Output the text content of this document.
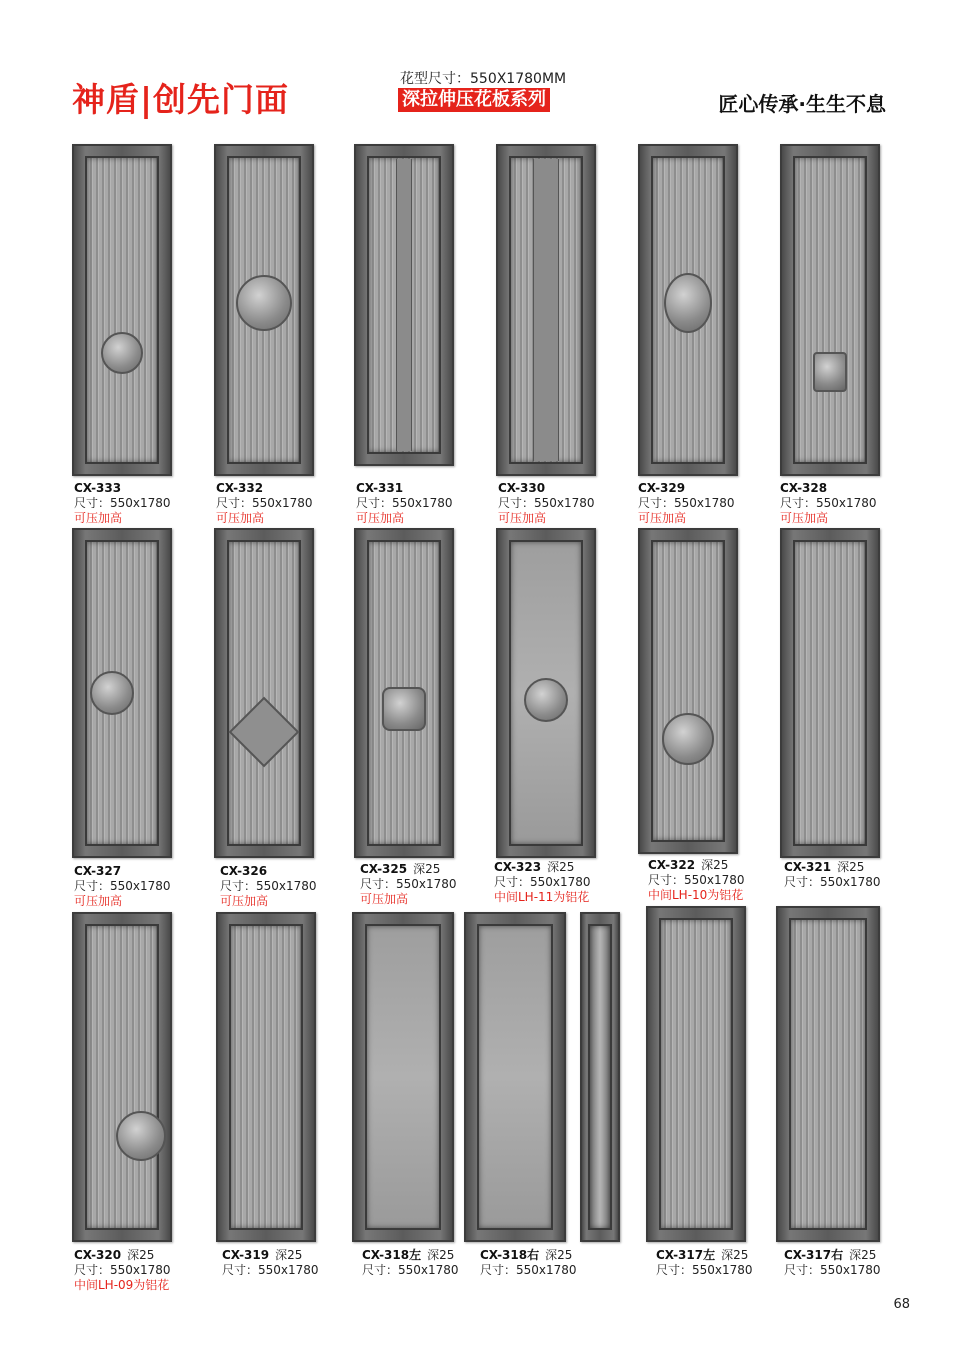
神盾|创先门面
花型尺寸：550X1780MM
深拉伸压花板系列	匠心传承·生生不息
CX-333
尺寸：550x1780
可压加高
CX-332
尺寸：550x1780
可压加高
CX-331
尺寸：550x1780
可压加高
CX-330
尺寸：550x1780
可压加高
CX-329
尺寸：550x1780
可压加高
CX-328
尺寸：550x1780
可压加高
CX-327
尺寸：550x1780
可压加高
CX-326
尺寸：550x1780
可压加高
CX-325 深25
尺寸：550x1780
可压加高
CX-323 深25
尺寸：550x1780
中间LH-11为铝花
CX-322 深25
尺寸：550x1780
中间LH-10为铝花
CX-321 深25
尺寸：550x1780
CX-320 深25
尺寸：550x1780
中间LH-09为铝花
CX-319 深25
尺寸：550x1780
CX-318左 深25
尺寸：550x1780
CX-318右 深25
尺寸：550x1780
CX-317左 深25
尺寸：550x1780
CX-317右 深25
尺寸：550x1780
68
